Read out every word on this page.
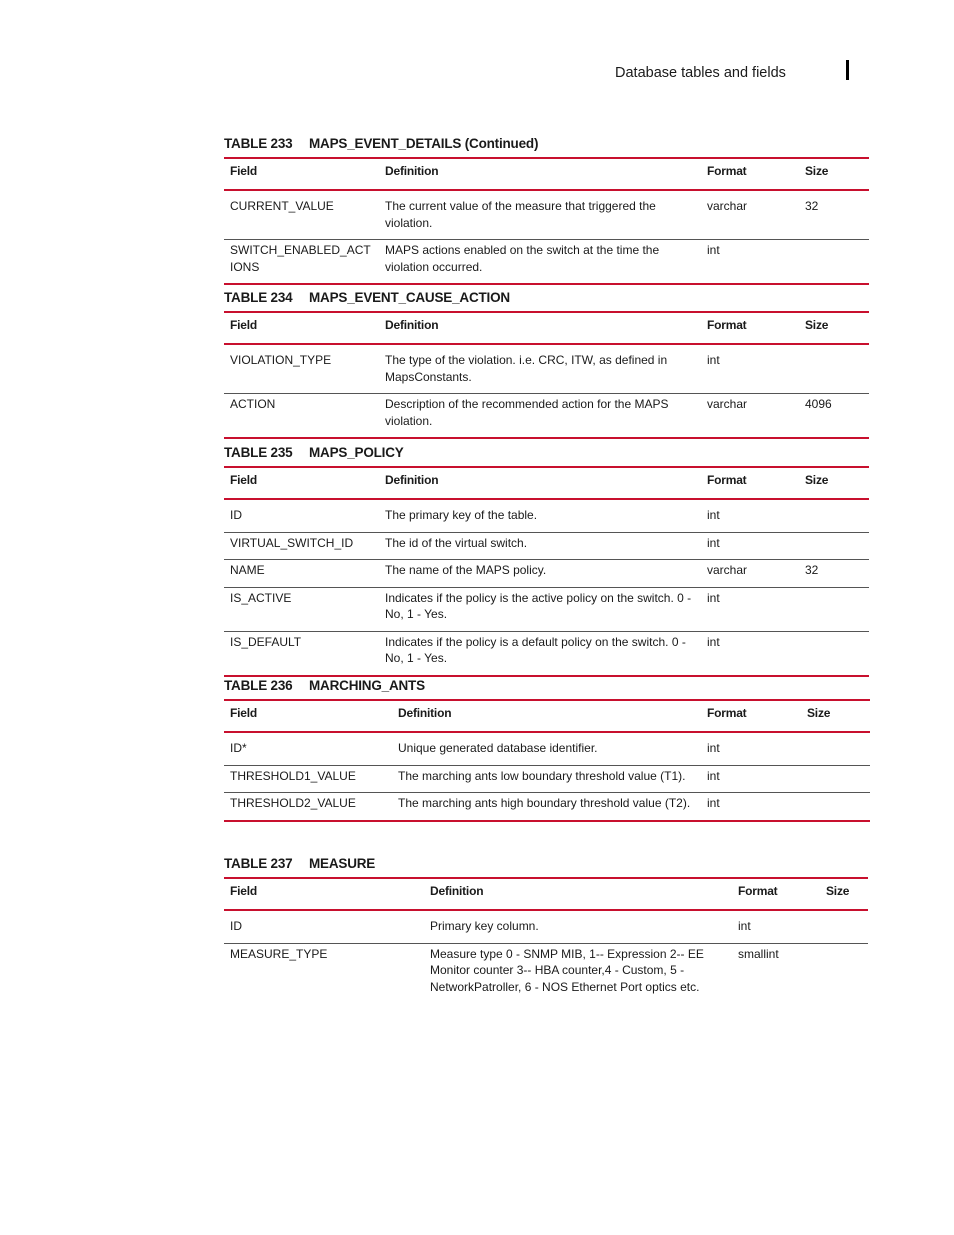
Database tables and fields
TABLE 233 MAPS_EVENT_DETAILS (Continued)
Field	Definition	Format	Size
CURRENT_VALUE	The current value of the measure that triggered the violation.	varchar	32
SWITCH_ENABLED_ACTIONS	MAPS actions enabled on the switch at the time the violation occurred.	int	
TABLE 234 MAPS_EVENT_CAUSE_ACTION
Field	Definition	Format	Size
VIOLATION_TYPE	The type of the violation. i.e. CRC, ITW, as defined in MapsConstants.	int	
ACTION	Description of the recommended action for the MAPS violation.	varchar	4096
TABLE 235 MAPS_POLICY
Field	Definition	Format	Size
ID	The primary key of the table.	int	
VIRTUAL_SWITCH_ID	The id of the virtual switch.	int	
NAME	The name of the MAPS policy.	varchar	32
IS_ACTIVE	Indicates if the policy is the active policy on the switch. 0 - No, 1 - Yes.	int	
IS_DEFAULT	Indicates if the policy is a default policy on the switch. 0 - No, 1 - Yes.	int	
TABLE 236 MARCHING_ANTS
Field	Definition	Format	Size
ID*	Unique generated database identifier.	int	
THRESHOLD1_VALUE	The marching ants low boundary threshold value (T1).	int	
THRESHOLD2_VALUE	The marching ants high boundary threshold value (T2).	int	
TABLE 237 MEASURE
Field	Definition	Format	Size
ID	Primary key column.	int	
MEASURE_TYPE	Measure type 0 - SNMP MIB, 1-- Expression 2-- EE Monitor counter 3-- HBA counter,4 - Custom, 5 - NetworkPatroller, 6 - NOS Ethernet Port optics etc.	smallint	
